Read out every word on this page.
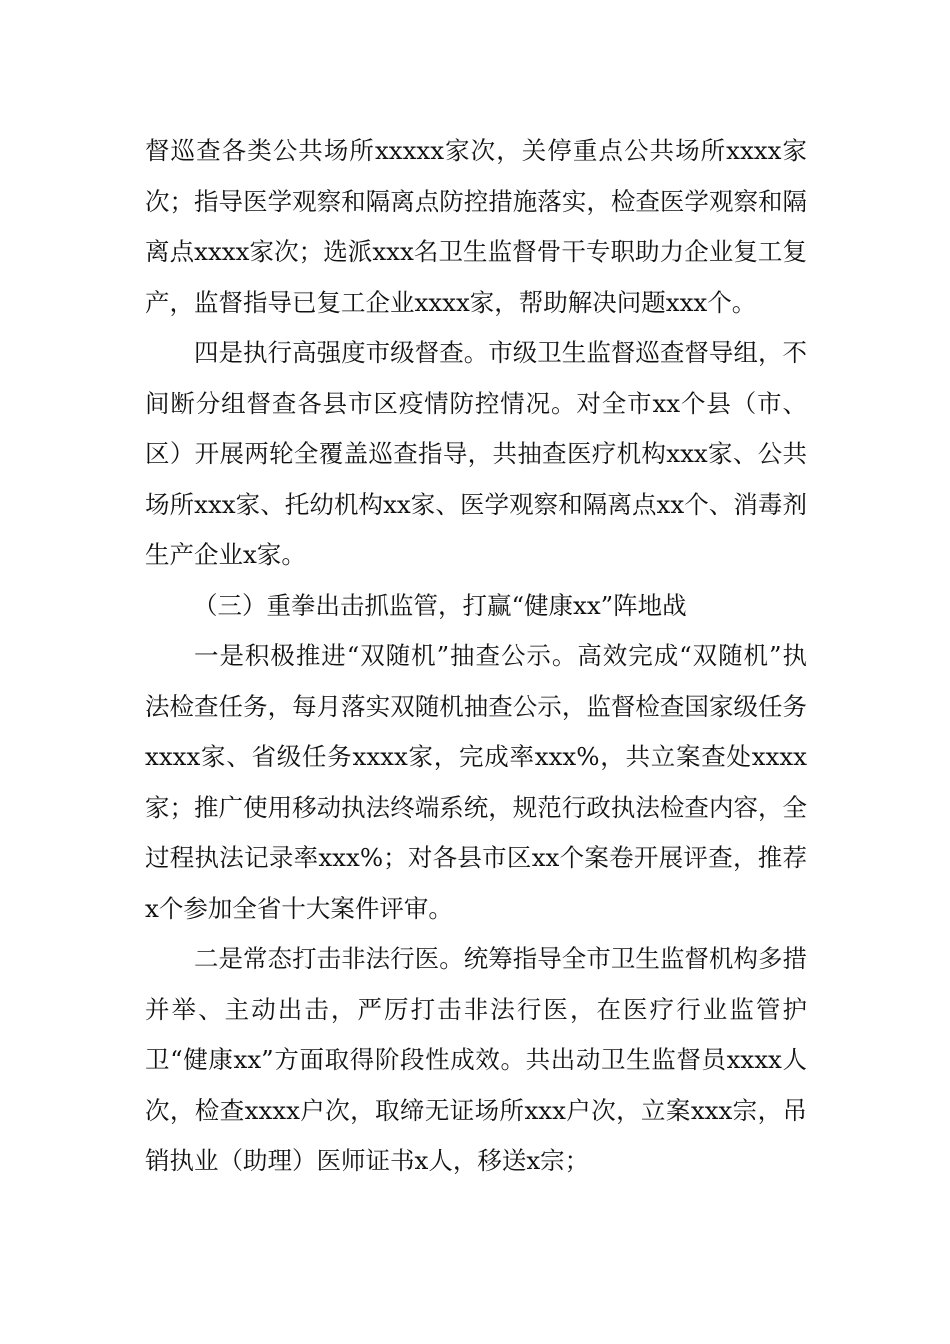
督巡查各类公共场所xxxxx家次，关停重点公共场所xxxx家次；指导医学观察和隔离点防控措施落实，检查医学观察和隔离点xxxx家次；选派xxx名卫生监督骨干专职助力企业复工复产，监督指导已复工企业xxxx家，帮助解决问题xxx个。

四是执行高强度市级督查。市级卫生监督巡查督导组，不间断分组督查各县市区疫情防控情况。对全市xx个县（市、区）开展两轮全覆盖巡查指导，共抽查医疗机构xxx家、公共场所xxx家、托幼机构xx家、医学观察和隔离点xx个、消毒剂生产企业x家。

（三）重拳出击抓监管，打赢“健康xx”阵地战

一是积极推进“双随机”抽查公示。高效完成“双随机”执法检查任务，每月落实双随机抽查公示，监督检查国家级任务xxxx家、省级任务xxxx家，完成率xxx%，共立案查处xxxx家；推广使用移动执法终端系统，规范行政执法检查内容，全过程执法记录率xxx%；对各县市区xx个案卷开展评查，推荐x个参加全省十大案件评审。

二是常态打击非法行医。统筹指导全市卫生监督机构多措并举、主动出击，严厉打击非法行医，在医疗行业监管护卫“健康xx”方面取得阶段性成效。共出动卫生监督员xxxx人次，检查xxxx户次，取缔无证场所xxx户次，立案xxx宗，吊销执业（助理）医师证书x人，移送x宗；
